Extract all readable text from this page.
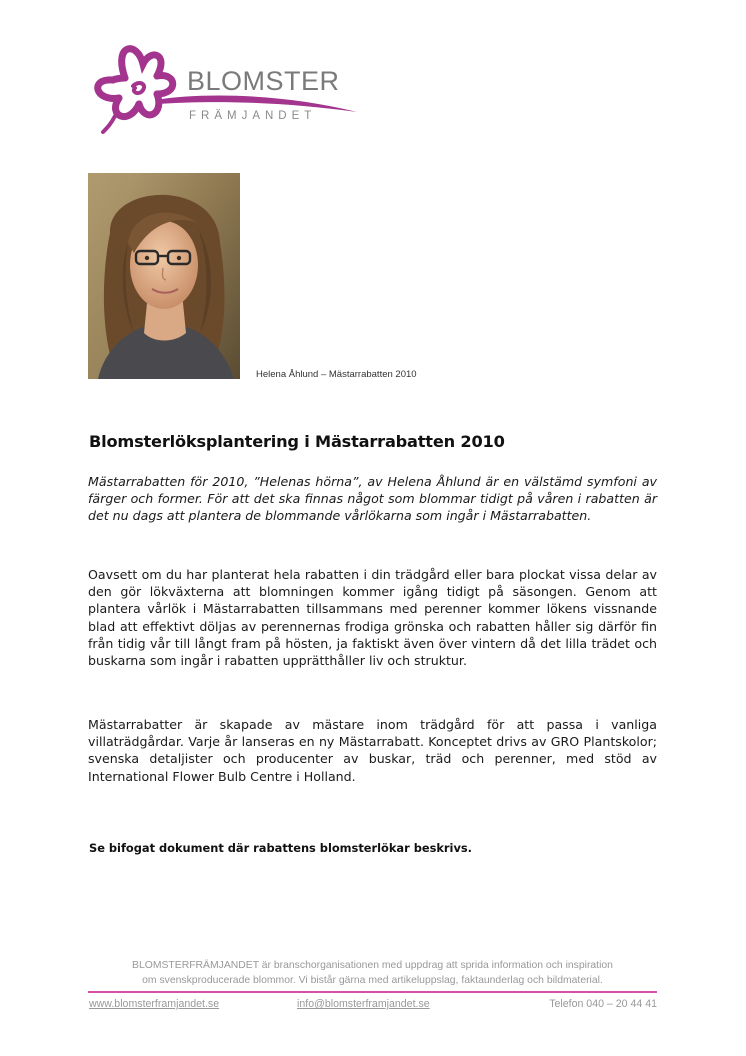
BLOMSTER
FRÄMJANDET
Helena Åhlund – Mästarrabatten 2010
Blomsterlöksplantering i Mästarrabatten 2010

Mästarrabatten för 2010, ”Helenas hörna”, av Helena Åhlund är en välstämd symfoni av färger och former. För att det ska finnas något som blommar tidigt på våren i rabatten är det nu dags att plantera de blommande vårlökarna som ingår i Mästarrabatten.

Oavsett om du har planterat hela rabatten i din trädgård eller bara plockat vissa delar av den gör lökväxterna att blomningen kommer igång tidigt på säsongen. Genom att plantera vårlök i Mästarrabatten tillsammans med perenner kommer lökens vissnande blad att effektivt döljas av perennernas frodiga grönska och rabatten håller sig därför fin från tidig vår till långt fram på hösten, ja faktiskt även över vintern då det lilla trädet och buskarna som ingår i rabatten upprätthåller liv och struktur.

Mästarrabatter är skapade av mästare inom trädgård för att passa i vanliga villaträdgårdar. Varje år lanseras en ny Mästarrabatt. Konceptet drivs av GRO Plantskolor; svenska detaljister och producenter av buskar, träd och perenner, med stöd av International Flower Bulb Centre i Holland.

Se bifogat dokument där rabattens blomsterlökar beskrivs.
BLOMSTERFRÄMJANDET är branschorganisationen med uppdrag att sprida information och inspiration
om svenskproducerade blommor. Vi bistår gärna med artikeluppslag, faktaunderlag och bildmaterial.
www.blomsterframjandet.se	info@blomsterframjandet.se	Telefon 040 – 20 44 41
